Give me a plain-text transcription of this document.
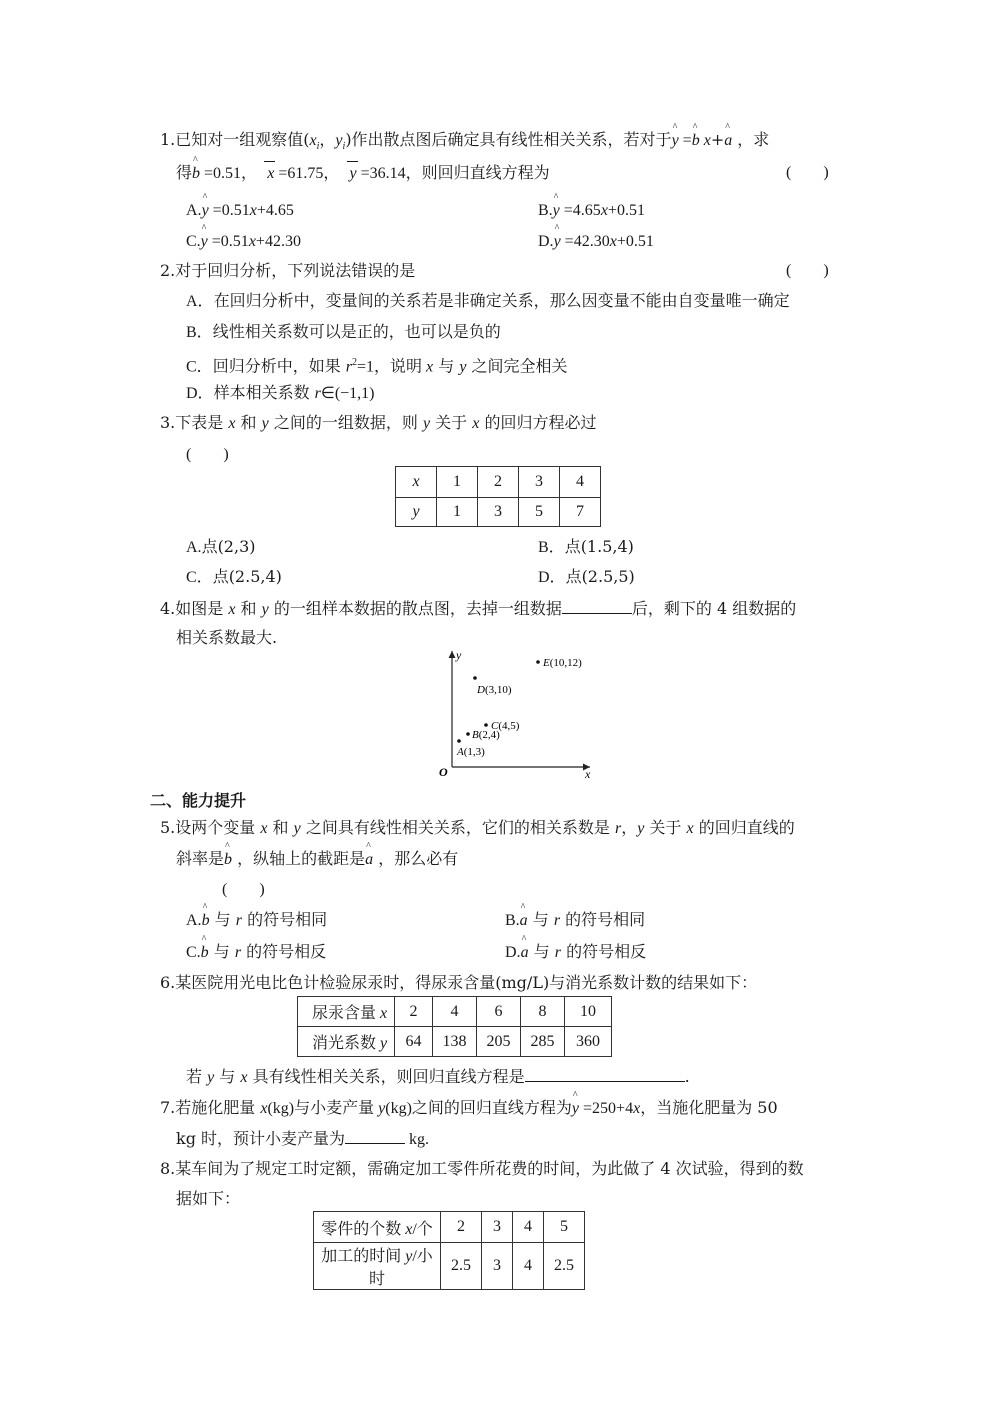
1.已知对一组观察值($x_i$，$y_i$)作出散点图后确定具有线性相关关系，若对于^ y =^ b x+^ a ，求
得^ b =0.51， x =61.75， y =36.14，则回归直线方程为	(　　)
A.^ y =0.51x+4.65	B.^ y =4.65x+0.51
C.^ y =0.51x+42.30	D.^ y =42.30x+0.51
2.对于回归分析，下列说法错误的是	(　　)
A．在回归分析中，变量间的关系若是非确定关系，那么因变量不能由自变量唯一确定
B．线性相关系数可以是正的，也可以是负的
C．回归分析中，如果 $r^2=1$，说明 x 与 y 之间完全相关
D．样本相关系数 r∈(−1,1)
3.下表是 x 和 y 之间的一组数据，则 y 关于 x 的回归方程必过
(　　)
x	1	2	3	4
y	1	3	5	7
A.点(2,3)	B．点(1.5,4)
C．点(2.5,4)	D．点(2.5,5)
4.如图是 x 和 y 的一组样本数据的散点图，去掉一组数据	后，剩下的 4 组数据的
相关系数最大.
y
x
O
A(1,3)
B(2,4)
C(4,5)
D(3,10)
E(10,12)
二、能力提升
5.设两个变量 x 和 y 之间具有线性相关关系，它们的相关系数是 r，y 关于 x 的回归直线的
斜率是^ b ，纵轴上的截距是^ a ，那么必有
(　　)
A.^ b 与 r 的符号相同	B.^ a 与 r 的符号相同
C.^ b 与 r 的符号相反	D.^ a 与 r 的符号相反
6.某医院用光电比色计检验尿汞时，得尿汞含量(mg/L)与消光系数计数的结果如下：
尿汞含量 x	2	4	6	8	10
消光系数 y	64	138	205	285	360
若 y 与 x 具有线性相关关系，则回归直线方程是	.
7.若施化肥量 x(kg)与小麦产量 y(kg)之间的回归直线方程为^ y =250+4x，当施化肥量为 50
kg 时，预计小麦产量为	kg.
8.某车间为了规定工时定额，需确定加工零件所花费的时间，为此做了 4 次试验，得到的数
据如下：
零件的个数 x/个	2	3	4	5
加工的时间 y/小时	2.5	3	4	2.5
